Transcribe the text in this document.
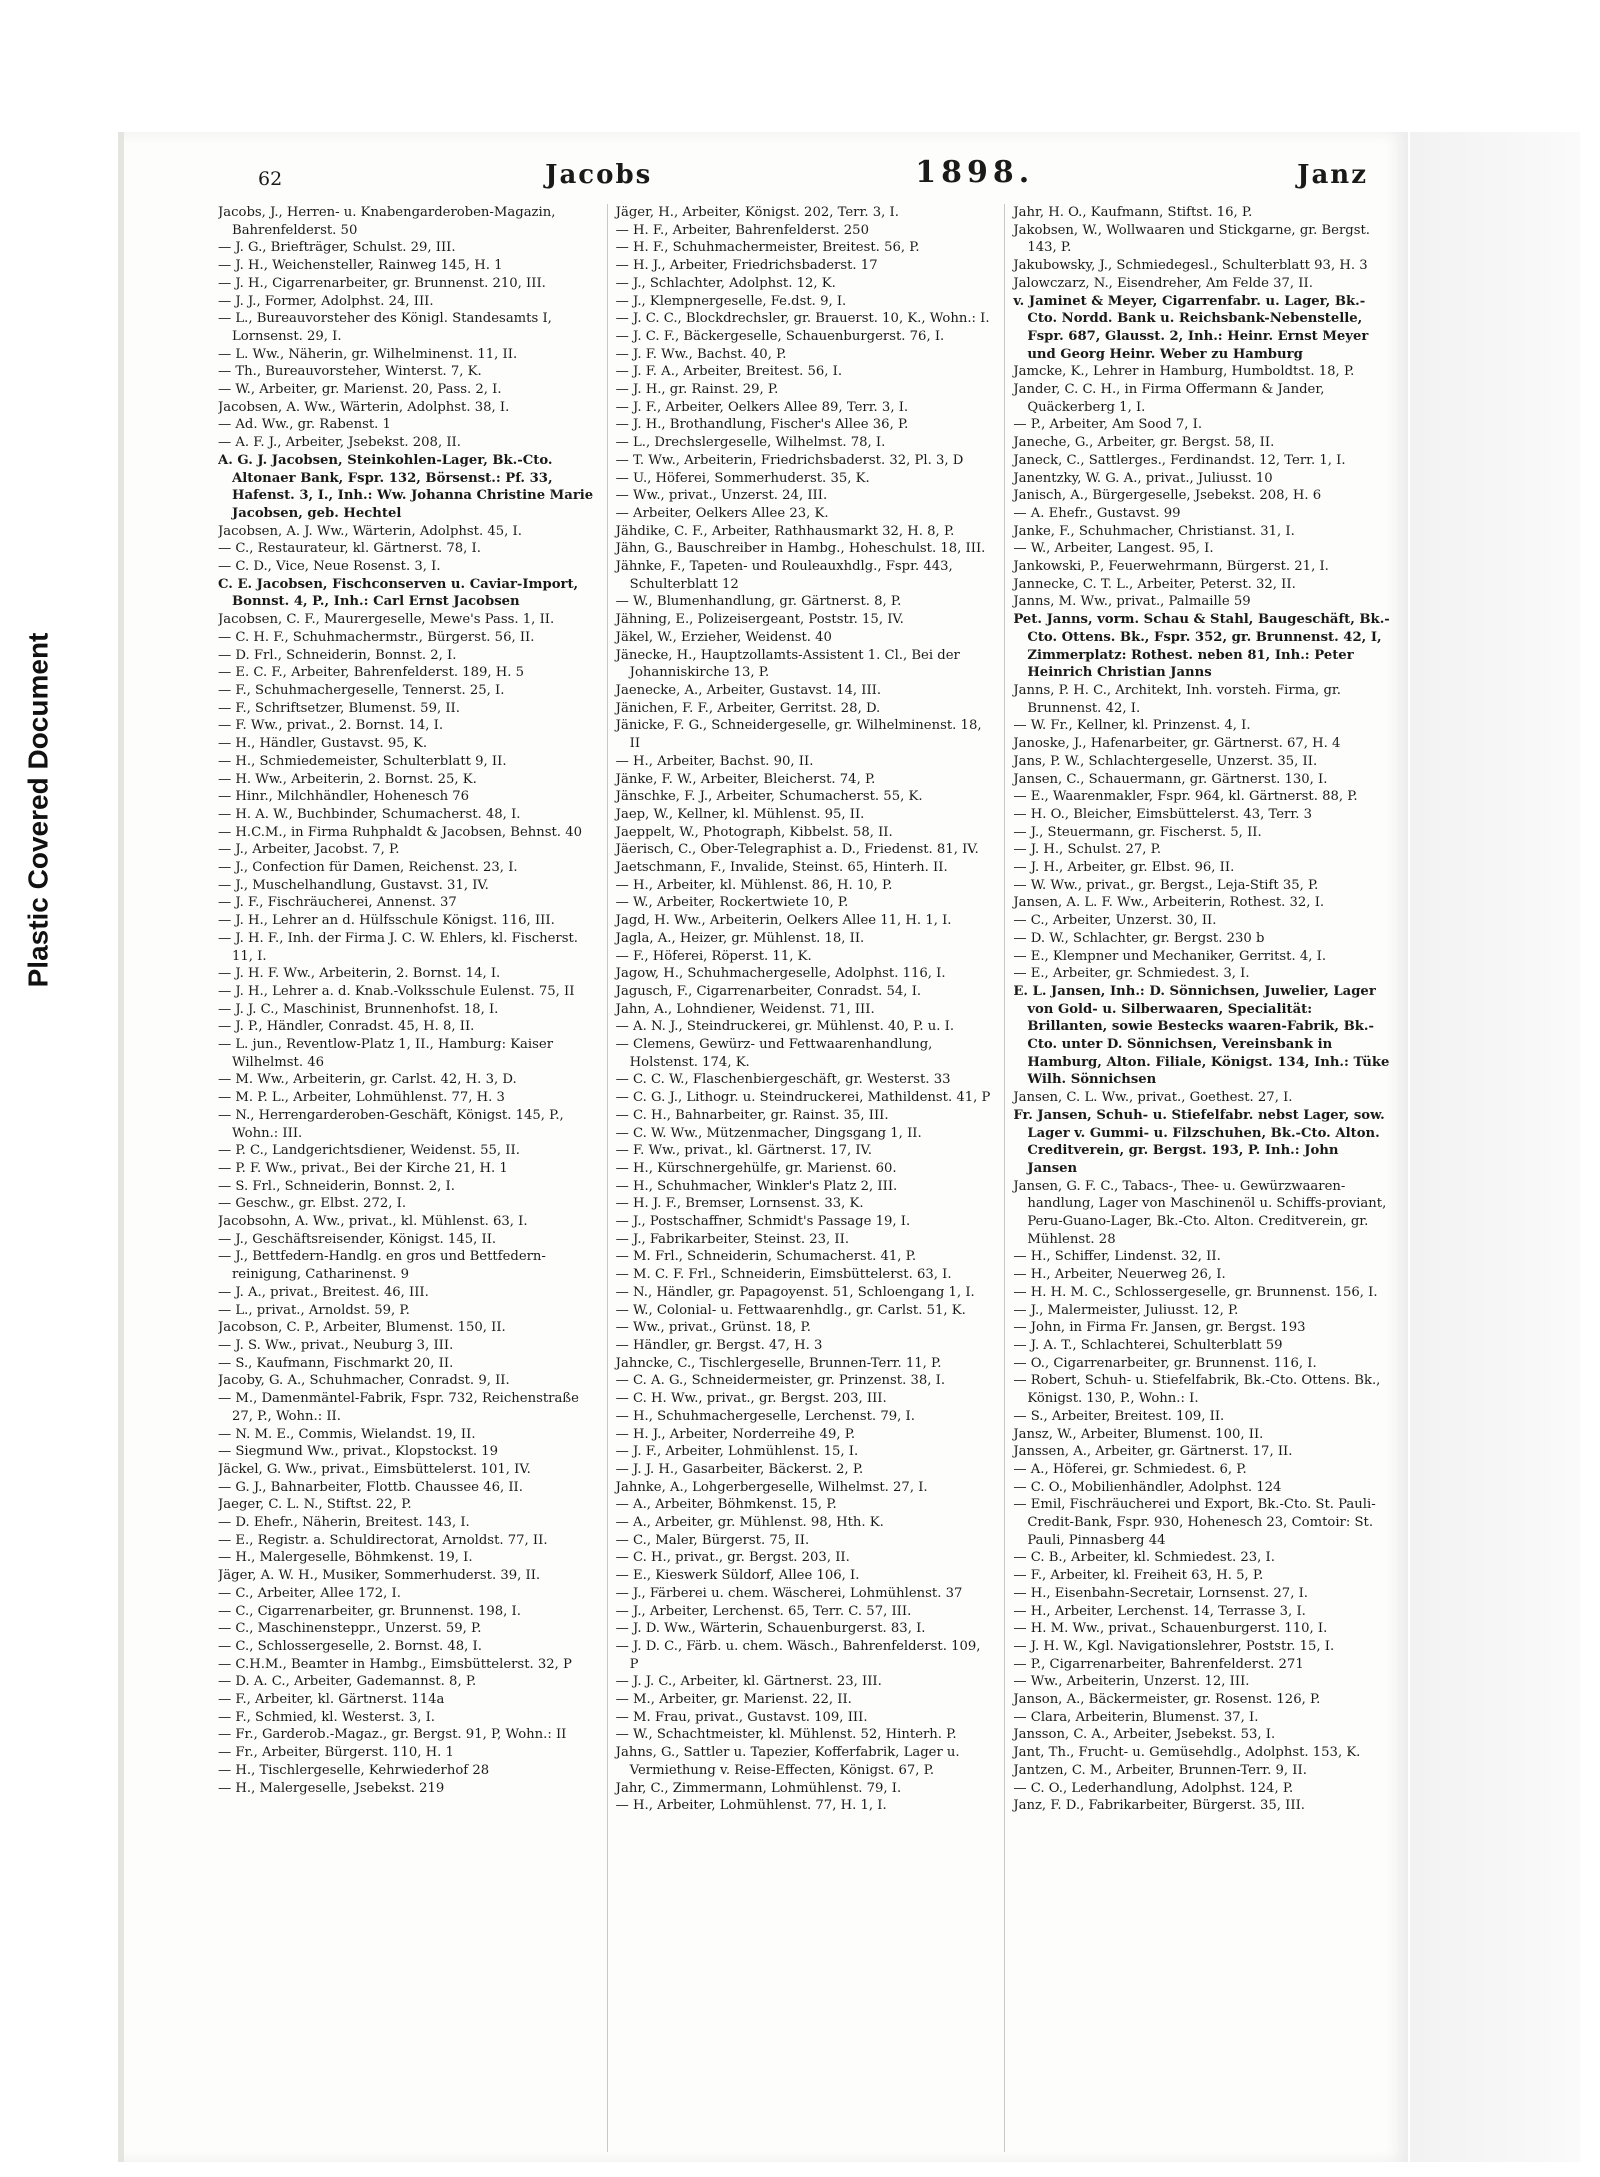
Plastic Covered Document
62	Jacobs	1898.	Janz

Jacobs, J., Herren- u. Knabengarderoben-Magazin, Bahrenfelderst. 50

— J. G., Briefträger, Schulst. 29, III.

— J. H., Weichensteller, Rainweg 145, H. 1

— J. H., Cigarrenarbeiter, gr. Brunnenst. 210, III.

— J. J., Former, Adolphst. 24, III.

— L., Bureauvorsteher des Königl. Standesamts I, Lornsenst. 29, I.

— L. Ww., Näherin, gr. Wilhelminenst. 11, II.

— Th., Bureauvorsteher, Winterst. 7, K.

— W., Arbeiter, gr. Marienst. 20, Pass. 2, I.

Jacobsen, A. Ww., Wärterin, Adolphst. 38, I.

— Ad. Ww., gr. Rabenst. 1

— A. F. J., Arbeiter, Jsebekst. 208, II.

A. G. J. Jacobsen, Steinkohlen-Lager, Bk.-Cto. Altonaer Bank, Fspr. 132, Börsenst.: Pf. 33, Hafenst. 3, I., Inh.: Ww. Johanna Christine Marie Jacobsen, geb. Hechtel

Jacobsen, A. J. Ww., Wärterin, Adolphst. 45, I.

— C., Restaurateur, kl. Gärtnerst. 78, I.

— C. D., Vice, Neue Rosenst. 3, I.

C. E. Jacobsen, Fischconserven u. Caviar-Import, Bonnst. 4, P., Inh.: Carl Ernst Jacobsen

Jacobsen, C. F., Maurergeselle, Mewe's Pass. 1, II.

— C. H. F., Schuhmachermstr., Bürgerst. 56, II.

— D. Frl., Schneiderin, Bonnst. 2, I.

— E. C. F., Arbeiter, Bahrenfelderst. 189, H. 5

— F., Schuhmachergeselle, Tennerst. 25, I.

— F., Schriftsetzer, Blumenst. 59, II.

— F. Ww., privat., 2. Bornst. 14, I.

— H., Händler, Gustavst. 95, K.

— H., Schmiedemeister, Schulterblatt 9, II.

— H. Ww., Arbeiterin, 2. Bornst. 25, K.

— Hinr., Milchhändler, Hohenesch 76

— H. A. W., Buchbinder, Schumacherst. 48, I.

— H.C.M., in Firma Ruhphaldt & Jacobsen, Behnst. 40

— J., Arbeiter, Jacobst. 7, P.

— J., Confection für Damen, Reichenst. 23, I.

— J., Muschelhandlung, Gustavst. 31, IV.

— J. F., Fischräucherei, Annenst. 37

— J. H., Lehrer an d. Hülfsschule Königst. 116, III.

— J. H. F., Inh. der Firma J. C. W. Ehlers, kl. Fischerst. 11, I.

— J. H. F. Ww., Arbeiterin, 2. Bornst. 14, I.

— J. H., Lehrer a. d. Knab.-Volksschule Eulenst. 75, II

— J. J. C., Maschinist, Brunnenhofst. 18, I.

— J. P., Händler, Conradst. 45, H. 8, II.

— L. jun., Reventlow-Platz 1, II., Hamburg: Kaiser Wilhelmst. 46

— M. Ww., Arbeiterin, gr. Carlst. 42, H. 3, D.

— M. P. L., Arbeiter, Lohmühlenst. 77, H. 3

— N., Herrengarderoben-Geschäft, Königst. 145, P., Wohn.: III.

— P. C., Landgerichtsdiener, Weidenst. 55, II.

— P. F. Ww., privat., Bei der Kirche 21, H. 1

— S. Frl., Schneiderin, Bonnst. 2, I.

— Geschw., gr. Elbst. 272, I.

Jacobsohn, A. Ww., privat., kl. Mühlenst. 63, I.

— J., Geschäftsreisender, Königst. 145, II.

— J., Bettfedern-Handlg. en gros und Bettfedern-reinigung, Catharinenst. 9

— J. A., privat., Breitest. 46, III.

— L., privat., Arnoldst. 59, P.

Jacobson, C. P., Arbeiter, Blumenst. 150, II.

— J. S. Ww., privat., Neuburg 3, III.

— S., Kaufmann, Fischmarkt 20, II.

Jacoby, G. A., Schuhmacher, Conradst. 9, II.

— M., Damenmäntel-Fabrik, Fspr. 732, Reichenstraße 27, P., Wohn.: II.

— N. M. E., Commis, Wielandst. 19, II.

— Siegmund Ww., privat., Klopstockst. 19

Jäckel, G. Ww., privat., Eimsbüttelerst. 101, IV.

— G. J., Bahnarbeiter, Flottb. Chaussee 46, II.

Jaeger, C. L. N., Stiftst. 22, P.

— D. Ehefr., Näherin, Breitest. 143, I.

— E., Registr. a. Schuldirectorat, Arnoldst. 77, II.

— H., Malergeselle, Böhmkenst. 19, I.

Jäger, A. W. H., Musiker, Sommerhuderst. 39, II.

— C., Arbeiter, Allee 172, I.

— C., Cigarrenarbeiter, gr. Brunnenst. 198, I.

— C., Maschinensteppr., Unzerst. 59, P.

— C., Schlossergeselle, 2. Bornst. 48, I.

— C.H.M., Beamter in Hambg., Eimsbüttelerst. 32, P

— D. A. C., Arbeiter, Gademannst. 8, P.

— F., Arbeiter, kl. Gärtnerst. 114a

— F., Schmied, kl. Westerst. 3, I.

— Fr., Garderob.-Magaz., gr. Bergst. 91, P, Wohn.: II

— Fr., Arbeiter, Bürgerst. 110, H. 1

— H., Tischlergeselle, Kehrwiederhof 28

— H., Malergeselle, Jsebekst. 219

Jäger, H., Arbeiter, Königst. 202, Terr. 3, I.

— H. F., Arbeiter, Bahrenfelderst. 250

— H. F., Schuhmachermeister, Breitest. 56, P.

— H. J., Arbeiter, Friedrichsbaderst. 17

— J., Schlachter, Adolphst. 12, K.

— J., Klempnergeselle, Fe.dst. 9, I.

— J. C. C., Blockdrechsler, gr. Brauerst. 10, K., Wohn.: I.

— J. C. F., Bäckergeselle, Schauenburgerst. 76, I.

— J. F. Ww., Bachst. 40, P.

— J. F. A., Arbeiter, Breitest. 56, I.

— J. H., gr. Rainst. 29, P.

— J. F., Arbeiter, Oelkers Allee 89, Terr. 3, I.

— J. H., Brothandlung, Fischer's Allee 36, P.

— L., Drechslergeselle, Wilhelmst. 78, I.

— T. Ww., Arbeiterin, Friedrichsbaderst. 32, Pl. 3, D

— U., Höferei, Sommerhuderst. 35, K.

— Ww., privat., Unzerst. 24, III.

— Arbeiter, Oelkers Allee 23, K.

Jähdike, C. F., Arbeiter, Rathhausmarkt 32, H. 8, P.

Jähn, G., Bauschreiber in Hambg., Hoheschulst. 18, III.

Jähnke, F., Tapeten- und Rouleauxhdlg., Fspr. 443, Schulterblatt 12

— W., Blumenhandlung, gr. Gärtnerst. 8, P.

Jähning, E., Polizeisergeant, Poststr. 15, IV.

Jäkel, W., Erzieher, Weidenst. 40

Jänecke, H., Hauptzollamts-Assistent 1. Cl., Bei der Johanniskirche 13, P.

Jaenecke, A., Arbeiter, Gustavst. 14, III.

Jänichen, F. F., Arbeiter, Gerritst. 28, D.

Jänicke, F. G., Schneidergeselle, gr. Wilhelminenst. 18, II

— H., Arbeiter, Bachst. 90, II.

Jänke, F. W., Arbeiter, Bleicherst. 74, P.

Jänschke, F. J., Arbeiter, Schumacherst. 55, K.

Jaep, W., Kellner, kl. Mühlenst. 95, II.

Jaeppelt, W., Photograph, Kibbelst. 58, II.

Jäerisch, C., Ober-Telegraphist a. D., Friedenst. 81, IV.

Jaetschmann, F., Invalide, Steinst. 65, Hinterh. II.

— H., Arbeiter, kl. Mühlenst. 86, H. 10, P.

— W., Arbeiter, Rockertwiete 10, P.

Jagd, H. Ww., Arbeiterin, Oelkers Allee 11, H. 1, I.

Jagla, A., Heizer, gr. Mühlenst. 18, II.

— F., Höferei, Röperst. 11, K.

Jagow, H., Schuhmachergeselle, Adolphst. 116, I.

Jagusch, F., Cigarrenarbeiter, Conradst. 54, I.

Jahn, A., Lohndiener, Weidenst. 71, III.

— A. N. J., Steindruckerei, gr. Mühlenst. 40, P. u. I.

— Clemens, Gewürz- und Fettwaarenhandlung, Holstenst. 174, K.

— C. C. W., Flaschenbiergeschäft, gr. Westerst. 33

— C. G. J., Lithogr. u. Steindruckerei, Mathildenst. 41, P

— C. H., Bahnarbeiter, gr. Rainst. 35, III.

— C. W. Ww., Mützenmacher, Dingsgang 1, II.

— F. Ww., privat., kl. Gärtnerst. 17, IV.

— H., Kürschnergehülfe, gr. Marienst. 60.

— H., Schuhmacher, Winkler's Platz 2, III.

— H. J. F., Bremser, Lornsenst. 33, K.

— J., Postschaffner, Schmidt's Passage 19, I.

— J., Fabrikarbeiter, Steinst. 23, II.

— M. Frl., Schneiderin, Schumacherst. 41, P.

— M. C. F. Frl., Schneiderin, Eimsbüttelerst. 63, I.

— N., Händler, gr. Papagoyenst. 51, Schloengang 1, I.

— W., Colonial- u. Fettwaarenhdlg., gr. Carlst. 51, K.

— Ww., privat., Grünst. 18, P.

— Händler, gr. Bergst. 47, H. 3

Jahncke, C., Tischlergeselle, Brunnen-Terr. 11, P.

— C. A. G., Schneidermeister, gr. Prinzenst. 38, I.

— C. H. Ww., privat., gr. Bergst. 203, III.

— H., Schuhmachergeselle, Lerchenst. 79, I.

— H. J., Arbeiter, Norderreihe 49, P.

— J. F., Arbeiter, Lohmühlenst. 15, I.

— J. J. H., Gasarbeiter, Bäckerst. 2, P.

Jahnke, A., Lohgerbergeselle, Wilhelmst. 27, I.

— A., Arbeiter, Böhmkenst. 15, P.

— A., Arbeiter, gr. Mühlenst. 98, Hth. K.

— C., Maler, Bürgerst. 75, II.

— C. H., privat., gr. Bergst. 203, II.

— E., Kieswerk Süldorf, Allee 106, I.

— J., Färberei u. chem. Wäscherei, Lohmühlenst. 37

— J., Arbeiter, Lerchenst. 65, Terr. C. 57, III.

— J. D. Ww., Wärterin, Schauenburgerst. 83, I.

— J. D. C., Färb. u. chem. Wäsch., Bahrenfelderst. 109, P

— J. J. C., Arbeiter, kl. Gärtnerst. 23, III.

— M., Arbeiter, gr. Marienst. 22, II.

— M. Frau, privat., Gustavst. 109, III.

— W., Schachtmeister, kl. Mühlenst. 52, Hinterh. P.

Jahns, G., Sattler u. Tapezier, Kofferfabrik, Lager u. Vermiethung v. Reise-Effecten, Königst. 67, P.

Jahr, C., Zimmermann, Lohmühlenst. 79, I.

— H., Arbeiter, Lohmühlenst. 77, H. 1, I.

Jahr, H. O., Kaufmann, Stiftst. 16, P.

Jakobsen, W., Wollwaaren und Stickgarne, gr. Bergst. 143, P.

Jakubowsky, J., Schmiedegesl., Schulterblatt 93, H. 3

Jalowczarz, N., Eisendreher, Am Felde 37, II.

v. Jaminet & Meyer, Cigarrenfabr. u. Lager, Bk.-Cto. Nordd. Bank u. Reichsbank-Nebenstelle, Fspr. 687, Glausst. 2, Inh.: Heinr. Ernst Meyer und Georg Heinr. Weber zu Hamburg

Jamcke, K., Lehrer in Hamburg, Humboldtst. 18, P.

Jander, C. C. H., in Firma Offermann & Jander, Quäckerberg 1, I.

— P., Arbeiter, Am Sood 7, I.

Janeche, G., Arbeiter, gr. Bergst. 58, II.

Janeck, C., Sattlerges., Ferdinandst. 12, Terr. 1, I.

Janentzky, W. G. A., privat., Juliusst. 10

Janisch, A., Bürgergeselle, Jsebekst. 208, H. 6

— A. Ehefr., Gustavst. 99

Janke, F., Schuhmacher, Christianst. 31, I.

— W., Arbeiter, Langest. 95, I.

Jankowski, P., Feuerwehrmann, Bürgerst. 21, I.

Jannecke, C. T. L., Arbeiter, Peterst. 32, II.

Janns, M. Ww., privat., Palmaille 59

Pet. Janns, vorm. Schau & Stahl, Baugeschäft, Bk.-Cto. Ottens. Bk., Fspr. 352, gr. Brunnenst. 42, I, Zimmerplatz: Rothest. neben 81, Inh.: Peter Heinrich Christian Janns

Janns, P. H. C., Architekt, Inh. vorsteh. Firma, gr. Brunnenst. 42, I.

— W. Fr., Kellner, kl. Prinzenst. 4, I.

Janoske, J., Hafenarbeiter, gr. Gärtnerst. 67, H. 4

Jans, P. W., Schlachtergeselle, Unzerst. 35, II.

Jansen, C., Schauermann, gr. Gärtnerst. 130, I.

— E., Waarenmakler, Fspr. 964, kl. Gärtnerst. 88, P.

— H. O., Bleicher, Eimsbüttelerst. 43, Terr. 3

— J., Steuermann, gr. Fischerst. 5, II.

— J. H., Schulst. 27, P.

— J. H., Arbeiter, gr. Elbst. 96, II.

— W. Ww., privat., gr. Bergst., Leja-Stift 35, P.

Jansen, A. L. F. Ww., Arbeiterin, Rothest. 32, I.

— C., Arbeiter, Unzerst. 30, II.

— D. W., Schlachter, gr. Bergst. 230 b

— E., Klempner und Mechaniker, Gerritst. 4, I.

— E., Arbeiter, gr. Schmiedest. 3, I.

E. L. Jansen, Inh.: D. Sönnichsen, Juwelier, Lager von Gold- u. Silberwaaren, Specialität: Brillanten, sowie Bestecks waaren-Fabrik, Bk.-Cto. unter D. Sönnichsen, Vereinsbank in Hamburg, Alton. Filiale, Königst. 134, Inh.: Tüke Wilh. Sönnichsen

Jansen, C. L. Ww., privat., Goethest. 27, I.

Fr. Jansen, Schuh- u. Stiefelfabr. nebst Lager, sow. Lager v. Gummi- u. Filzschuhen, Bk.-Cto. Alton. Creditverein, gr. Bergst. 193, P. Inh.: John Jansen

Jansen, G. F. C., Tabacs-, Thee- u. Gewürzwaaren-handlung, Lager von Maschinenöl u. Schiffs-proviant, Peru-Guano-Lager, Bk.-Cto. Alton. Creditverein, gr. Mühlenst. 28

— H., Schiffer, Lindenst. 32, II.

— H., Arbeiter, Neuerweg 26, I.

— H. H. M. C., Schlossergeselle, gr. Brunnenst. 156, I.

— J., Malermeister, Juliusst. 12, P.

— John, in Firma Fr. Jansen, gr. Bergst. 193

— J. A. T., Schlachterei, Schulterblatt 59

— O., Cigarrenarbeiter, gr. Brunnenst. 116, I.

— Robert, Schuh- u. Stiefelfabrik, Bk.-Cto. Ottens. Bk., Königst. 130, P., Wohn.: I.

— S., Arbeiter, Breitest. 109, II.

Jansz, W., Arbeiter, Blumenst. 100, II.

Janssen, A., Arbeiter, gr. Gärtnerst. 17, II.

— A., Höferei, gr. Schmiedest. 6, P.

— C. O., Mobilienhändler, Adolphst. 124

— Emil, Fischräucherei und Export, Bk.-Cto. St. Pauli-Credit-Bank, Fspr. 930, Hohenesch 23, Comtoir: St. Pauli, Pinnasberg 44

— C. B., Arbeiter, kl. Schmiedest. 23, I.

— F., Arbeiter, kl. Freiheit 63, H. 5, P.

— H., Eisenbahn-Secretair, Lornsenst. 27, I.

— H., Arbeiter, Lerchenst. 14, Terrasse 3, I.

— H. M. Ww., privat., Schauenburgerst. 110, I.

— J. H. W., Kgl. Navigationslehrer, Poststr. 15, I.

— P., Cigarrenarbeiter, Bahrenfelderst. 271

— Ww., Arbeiterin, Unzerst. 12, III.

Janson, A., Bäckermeister, gr. Rosenst. 126, P.

— Clara, Arbeiterin, Blumenst. 37, I.

Jansson, C. A., Arbeiter, Jsebekst. 53, I.

Jant, Th., Frucht- u. Gemüsehdlg., Adolphst. 153, K.

Jantzen, C. M., Arbeiter, Brunnen-Terr. 9, II.

— C. O., Lederhandlung, Adolphst. 124, P.

Janz, F. D., Fabrikarbeiter, Bürgerst. 35, III.
